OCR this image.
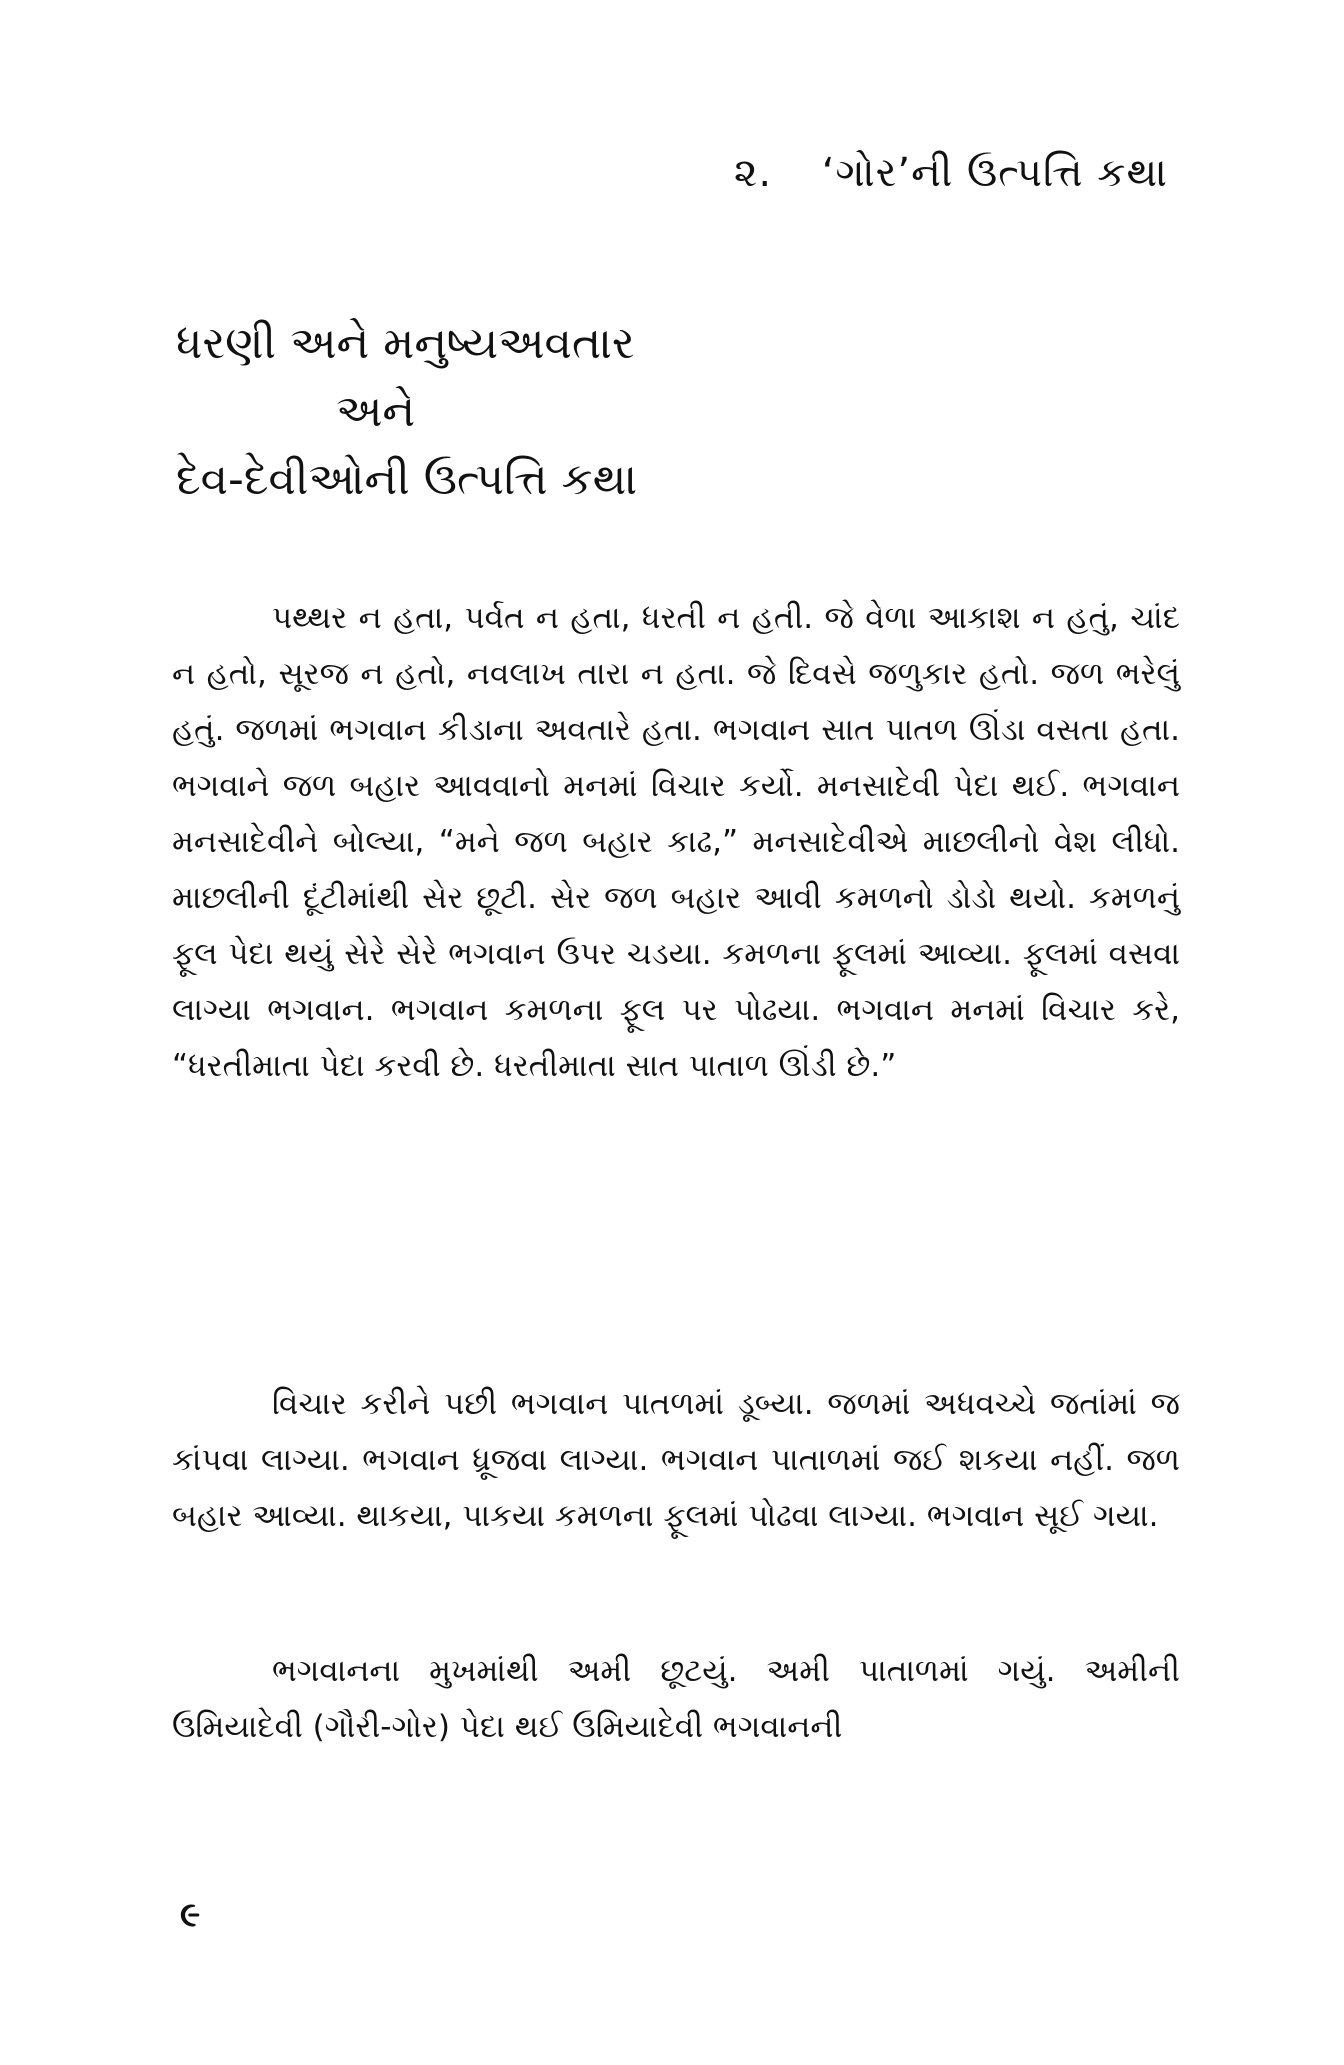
૨. ‘ગોર’ની ઉત્પત્તિ કથા
ધરણી અને મનુષ્યઅવતાર
અને
દેવ-દેવીઓની ઉત્પત્તિ કથા

પથ્થર ન હતા, પર્વત ન હતા, ધરતી ન હતી. જે વેળા આકાશ ન હતું, ચાંદ ન હતો, સૂરજ ન હતો, નવલાખ તારા ન હતા. જે દિવસે જળુકાર હતો. જળ ભરેલું હતું. જળમાં ભગવાન કીડાના અવતારે હતા. ભગવાન સાત પાતળ ઊંડા વસતા હતા. ભગવાને જળ બહાર આવવાનો મનમાં વિચાર કર્યો. મનસાદેવી પેદા થઈ. ભગવાન મનસાદેવીને બોલ્યા, “મને જળ બહાર કાઢ,” મનસાદેવીએ માછલીનો વેશ લીધો. માછલીની દૂંટીમાંથી સેર છૂટી. સેર જળ બહાર આવી કમળનો ડોડો થયો. કમળનું ફૂલ પેદા થયું સેરે સેરે ભગવાન ઉપર ચડયા. કમળના ફૂલમાં આવ્યા. ફૂલમાં વસવા લાગ્યા ભગવાન. ભગવાન કમળના ફૂલ પર પોઢયા. ભગવાન મનમાં વિચાર કરે, “ધરતીમાતા પેદા કરવી છે. ધરતીમાતા સાત પાતાળ ઊંડી છે.”

વિચાર કરીને પછી ભગવાન પાતળમાં ડૂબ્યા. જળમાં અધવચ્ચે જતાંમાં જ કાંપવા લાગ્યા. ભગવાન ધ્રૂજવા લાગ્યા. ભગવાન પાતાળમાં જઈ શકયા નહીં. જળ બહાર આવ્યા. થાકયા, પાકયા કમળના ફૂલમાં પોઢવા લાગ્યા. ભગવાન સૂઈ ગયા.

ભગવાનના મુખમાંથી અમી છૂટયું. અમી પાતાળમાં ગયું. અમીની ઉમિયાદેવી (ગૌરી-ગોર) પેદા થઈ ઉમિયાદેવી ભગવાનની

૯
